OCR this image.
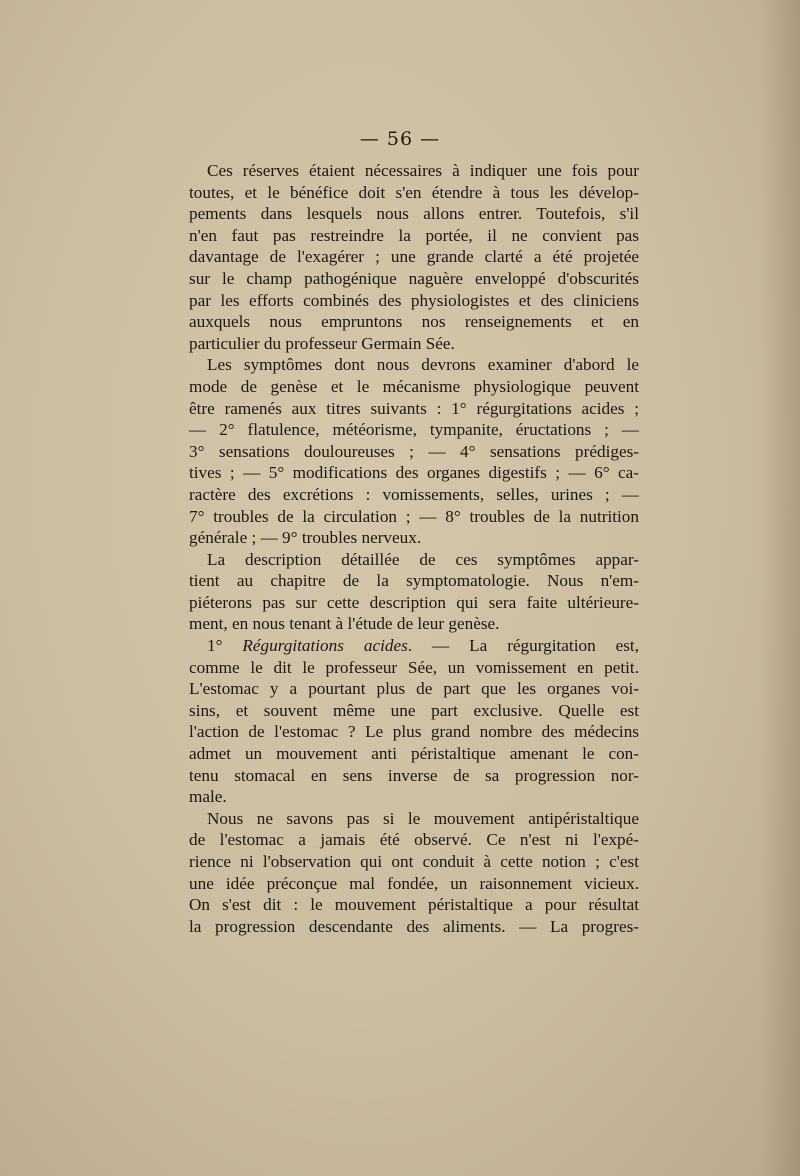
— 56 —
Ces réserves étaient nécessaires à indiquer une fois pour
toutes, et le bénéfice doit s'en étendre à tous les dévelop-
pements dans lesquels nous allons entrer. Toutefois, s'il
n'en faut pas restreindre la portée, il ne convient pas
davantage de l'exagérer ; une grande clarté a été projetée
sur le champ pathogénique naguère enveloppé d'obscurités
par les efforts combinés des physiologistes et des cliniciens
auxquels nous empruntons nos renseignements et en
particulier du professeur Germain Sée.
Les symptômes dont nous devrons examiner d'abord le
mode de genèse et le mécanisme physiologique peuvent
être ramenés aux titres suivants : 1° régurgitations acides ;
— 2° flatulence, météorisme, tympanite, éructations ; —
3° sensations douloureuses ; — 4° sensations prédiges-
tives ; — 5° modifications des organes digestifs ; — 6° ca-
ractère des excrétions : vomissements, selles, urines ; —
7° troubles de la circulation ; — 8° troubles de la nutrition
générale ; — 9° troubles nerveux.
La description détaillée de ces symptômes appar-
tient au chapitre de la symptomatologie. Nous n'em-
piéterons pas sur cette description qui sera faite ultérieure-
ment, en nous tenant à l'étude de leur genèse.
1° Régurgitations acides. — La régurgitation est,
comme le dit le professeur Sée, un vomissement en petit.
L'estomac y a pourtant plus de part que les organes voi-
sins, et souvent même une part exclusive. Quelle est
l'action de l'estomac ? Le plus grand nombre des médecins
admet un mouvement anti péristaltique amenant le con-
tenu stomacal en sens inverse de sa progression nor-
male.
Nous ne savons pas si le mouvement antipéristaltique
de l'estomac a jamais été observé. Ce n'est ni l'expé-
rience ni l'observation qui ont conduit à cette notion ; c'est
une idée préconçue mal fondée, un raisonnement vicieux.
On s'est dit : le mouvement péristaltique a pour résultat
la progression descendante des aliments. — La progres-
